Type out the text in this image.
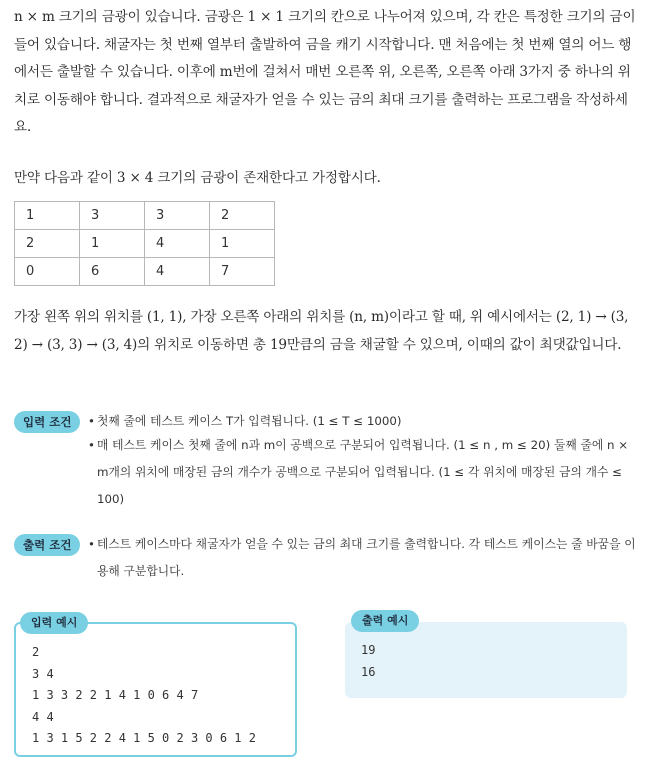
n × m 크기의 금광이 있습니다. 금광은 1 × 1 크기의 칸으로 나누어져 있으며, 각 칸은 특정한 크기의 금이 들어 있습니다. 채굴자는 첫 번째 열부터 출발하여 금을 캐기 시작합니다. 맨 처음에는 첫 번째 열의 어느 행에서든 출발할 수 있습니다. 이후에 m번에 걸쳐서 매번 오른쪽 위, 오른쪽, 오른쪽 아래 3가지 중 하나의 위치로 이동해야 합니다. 결과적으로 채굴자가 얻을 수 있는 금의 최대 크기를 출력하는 프로그램을 작성하세요.

만약 다음과 같이 3 × 4 크기의 금광이 존재한다고 가정합시다.

1	3	3	2
2	1	4	1
0	6	4	7

가장 왼쪽 위의 위치를 (1, 1), 가장 오른쪽 아래의 위치를 (n, m)이라고 할 때, 위 예시에서는 (2, 1) → (3, 2) → (3, 3) → (3, 4)의 위치로 이동하면 총 19만큼의 금을 채굴할 수 있으며, 이때의 값이 최댓값입니다.

입력 조건	• 첫째 줄에 테스트 케이스 T가 입력됩니다. (1 ≤ T ≤ 1000)
• 매 테스트 케이스 첫째 줄에 n과 m이 공백으로 구분되어 입력됩니다. (1 ≤ n , m ≤ 20) 둘째 줄에 n × m개의 위치에 매장된 금의 개수가 공백으로 구분되어 입력됩니다. (1 ≤ 각 위치에 매장된 금의 개수 ≤ 100)
출력 조건	• 테스트 케이스마다 채굴자가 얻을 수 있는 금의 최대 크기를 출력합니다. 각 테스트 케이스는 줄 바꿈을 이용해 구분합니다.
입력 예시
2
3 4
1 3 3 2 2 1 4 1 0 6 4 7
4 4
1 3 1 5 2 2 4 1 5 0 2 3 0 6 1 2
출력 예시
19
16
